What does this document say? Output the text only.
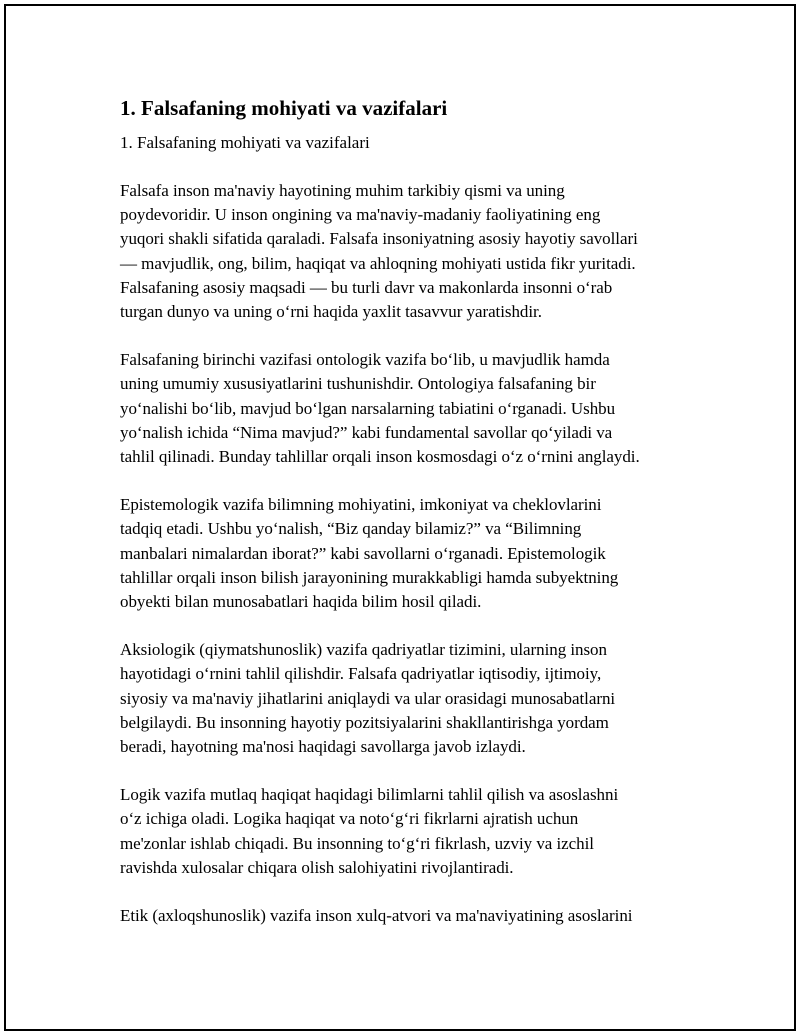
1. Falsafaning mohiyati va vazifalari
1. Falsafaning mohiyati va vazifalari
Falsafa inson ma'naviy hayotining muhim tarkibiy qismi va uning
poydevoridir. U inson ongining va ma'naviy-madaniy faoliyatining eng
yuqori shakli sifatida qaraladi. Falsafa insoniyatning asosiy hayotiy savollari
— mavjudlik, ong, bilim, haqiqat va ahloqning mohiyati ustida fikr yuritadi.
Falsafaning asosiy maqsadi — bu turli davr va makonlarda insonni o‘rab
turgan dunyo va uning o‘rni haqida yaxlit tasavvur yaratishdir.
Falsafaning birinchi vazifasi ontologik vazifa bo‘lib, u mavjudlik hamda
uning umumiy xususiyatlarini tushunishdir. Ontologiya falsafaning bir
yo‘nalishi bo‘lib, mavjud bo‘lgan narsalarning tabiatini o‘rganadi. Ushbu
yo‘nalish ichida “Nima mavjud?” kabi fundamental savollar qo‘yiladi va
tahlil qilinadi. Bunday tahlillar orqali inson kosmosdagi o‘z o‘rnini anglaydi.
Epistemologik vazifa bilimning mohiyatini, imkoniyat va cheklovlarini
tadqiq etadi. Ushbu yo‘nalish, “Biz qanday bilamiz?” va “Bilimning
manbalari nimalardan iborat?” kabi savollarni o‘rganadi. Epistemologik
tahlillar orqali inson bilish jarayonining murakkabligi hamda subyektning
obyekti bilan munosabatlari haqida bilim hosil qiladi.
Aksiologik (qiymatshunoslik) vazifa qadriyatlar tizimini, ularning inson
hayotidagi o‘rnini tahlil qilishdir. Falsafa qadriyatlar iqtisodiy, ijtimoiy,
siyosiy va ma'naviy jihatlarini aniqlaydi va ular orasidagi munosabatlarni
belgilaydi. Bu insonning hayotiy pozitsiyalarini shakllantirishga yordam
beradi, hayotning ma'nosi haqidagi savollarga javob izlaydi.
Logik vazifa mutlaq haqiqat haqidagi bilimlarni tahlil qilish va asoslashni
o‘z ichiga oladi. Logika haqiqat va noto‘g‘ri fikrlarni ajratish uchun
me'zonlar ishlab chiqadi. Bu insonning to‘g‘ri fikrlash, uzviy va izchil
ravishda xulosalar chiqara olish salohiyatini rivojlantiradi.
Etik (axloqshunoslik) vazifa inson xulq-atvori va ma'naviyatining asoslarini
